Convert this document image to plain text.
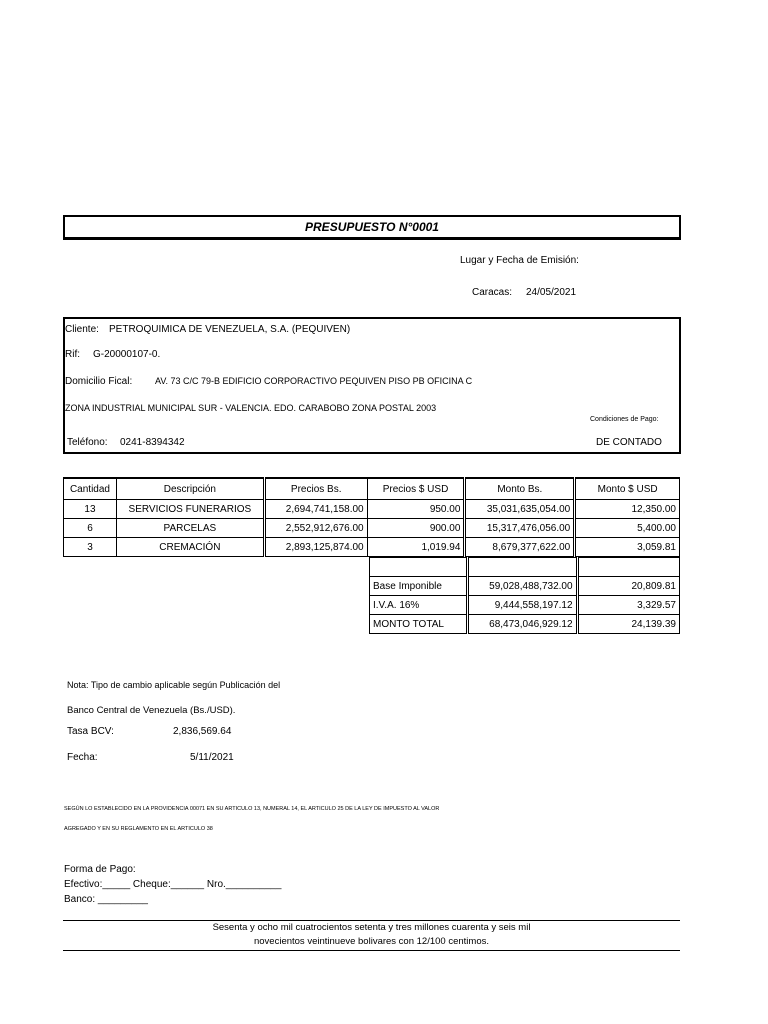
PRESUPUESTO N°0001
Lugar y Fecha de Emisión:
Caracas: 24/05/2021
Cliente: PETROQUIMICA DE VENEZUELA, S.A. (PEQUIVEN)
Rif: G-20000107-0.
Domicilio Fical:	AV. 73 C/C 79-B EDIFICIO CORPORACTIVO PEQUIVEN PISO PB OFICINA C
ZONA INDUSTRIAL MUNICIPAL SUR - VALENCIA. EDO. CARABOBO ZONA POSTAL 2003
Condiciones de Pago:
Teléfono: 0241-8394342	DE CONTADO
Cantidad	Descripción	Precios Bs.	Precios $ USD	Monto Bs.	Monto $ USD
13	SERVICIOS FUNERARIOS	2,694,741,158.00	950.00	35,031,635,054.00	12,350.00
6	PARCELAS	2,552,912,676.00	900.00	15,317,476,056.00	5,400.00
3	CREMACIÓN	2,893,125,874.00	1,019.94	8,679,377,622.00	3,059.81

Base Imponible	59,028,488,732.00	20,809.81
I.V.A. 16%	9,444,558,197.12	3,329.57
MONTO TOTAL	68,473,046,929.12	24,139.39
Nota: Tipo de cambio aplicable según Publicación del
Banco Central de Venezuela (Bs./USD).
Tasa BCV:	2,836,569.64
Fecha:	5/11/2021
SEGÚN LO ESTABLECIDO EN LA PROVIDENCIA 00071 EN SU ARTICULO 13, NUMERAL 14, EL ARTICULO 25 DE LA LEY DE IMPUESTO AL VALOR
AGREGADO Y EN SU REGLAMENTO EN EL ARTICULO 38
Forma de Pago:
Efectivo:_____ Cheque:______ Nro.__________
Banco: _________
Sesenta y ocho mil cuatrocientos setenta y tres millones cuarenta y seis mil
novecientos veintinueve bolivares con 12/100 centimos.
